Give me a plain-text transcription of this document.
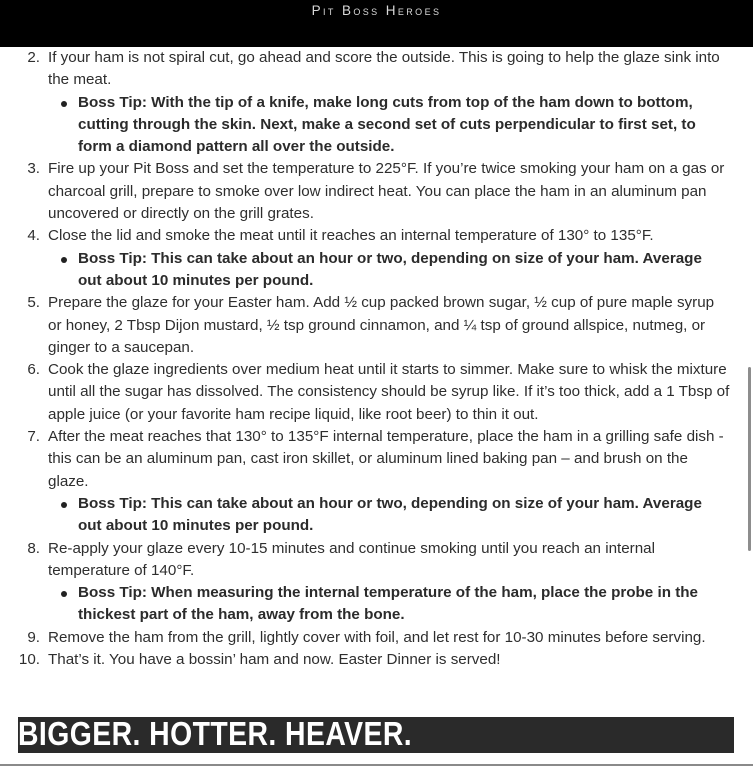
Pit Boss Heroes
2. If your ham is not spiral cut, go ahead and score the outside. This is going to help the glaze sink into the meat.
Boss Tip: With the tip of a knife, make long cuts from top of the ham down to bottom, cutting through the skin. Next, make a second set of cuts perpendicular to first set, to form a diamond pattern all over the outside.
3. Fire up your Pit Boss and set the temperature to 225°F. If you’re twice smoking your ham on a gas or charcoal grill, prepare to smoke over low indirect heat. You can place the ham in an aluminum pan uncovered or directly on the grill grates.
4. Close the lid and smoke the meat until it reaches an internal temperature of 130° to 135°F.
Boss Tip: This can take about an hour or two, depending on size of your ham. Average out about 10 minutes per pound.
5. Prepare the glaze for your Easter ham. Add ½ cup packed brown sugar, ½ cup of pure maple syrup or honey, 2 Tbsp Dijon mustard, ½ tsp ground cinnamon, and ¼ tsp of ground allspice, nutmeg, or ginger to a saucepan.
6. Cook the glaze ingredients over medium heat until it starts to simmer. Make sure to whisk the mixture until all the sugar has dissolved. The consistency should be syrup like. If it’s too thick, add a 1 Tbsp of apple juice (or your favorite ham recipe liquid, like root beer) to thin it out.
7. After the meat reaches that 130° to 135°F internal temperature, place the ham in a grilling safe dish - this can be an aluminum pan, cast iron skillet, or aluminum lined baking pan – and brush on the glaze.
Boss Tip: This can take about an hour or two, depending on size of your ham. Average out about 10 minutes per pound.
8. Re-apply your glaze every 10-15 minutes and continue smoking until you reach an internal temperature of 140°F.
Boss Tip: When measuring the internal temperature of the ham, place the probe in the thickest part of the ham, away from the bone.
9. Remove the ham from the grill, lightly cover with foil, and let rest for 10-30 minutes before serving.
10. That’s it. You have a bossin’ ham and now. Easter Dinner is served!
BIGGER. HOTTER. HEAVER.
